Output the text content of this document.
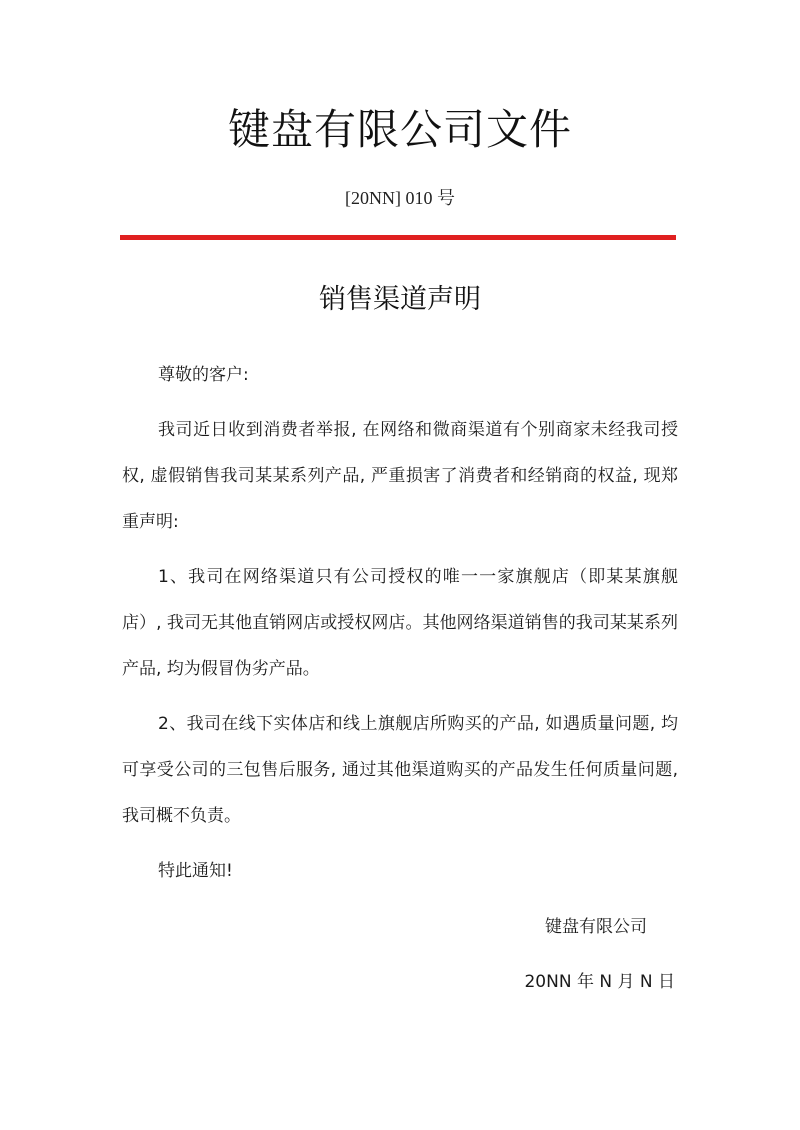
键盘有限公司文件
[20NN] 010 号
销售渠道声明
尊敬的客户:
我司近日收到消费者举报, 在网络和微商渠道有个别商家未经我司授权, 虚假销售我司某某系列产品, 严重损害了消费者和经销商的权益, 现郑重声明:
1、我司在网络渠道只有公司授权的唯一一家旗舰店（即某某旗舰店）, 我司无其他直销网店或授权网店。其他网络渠道销售的我司某某系列产品, 均为假冒伪劣产品。
2、我司在线下实体店和线上旗舰店所购买的产品, 如遇质量问题, 均可享受公司的三包售后服务, 通过其他渠道购买的产品发生任何质量问题, 我司概不负责。
特此通知!
键盘有限公司
20NN 年 N 月 N 日
